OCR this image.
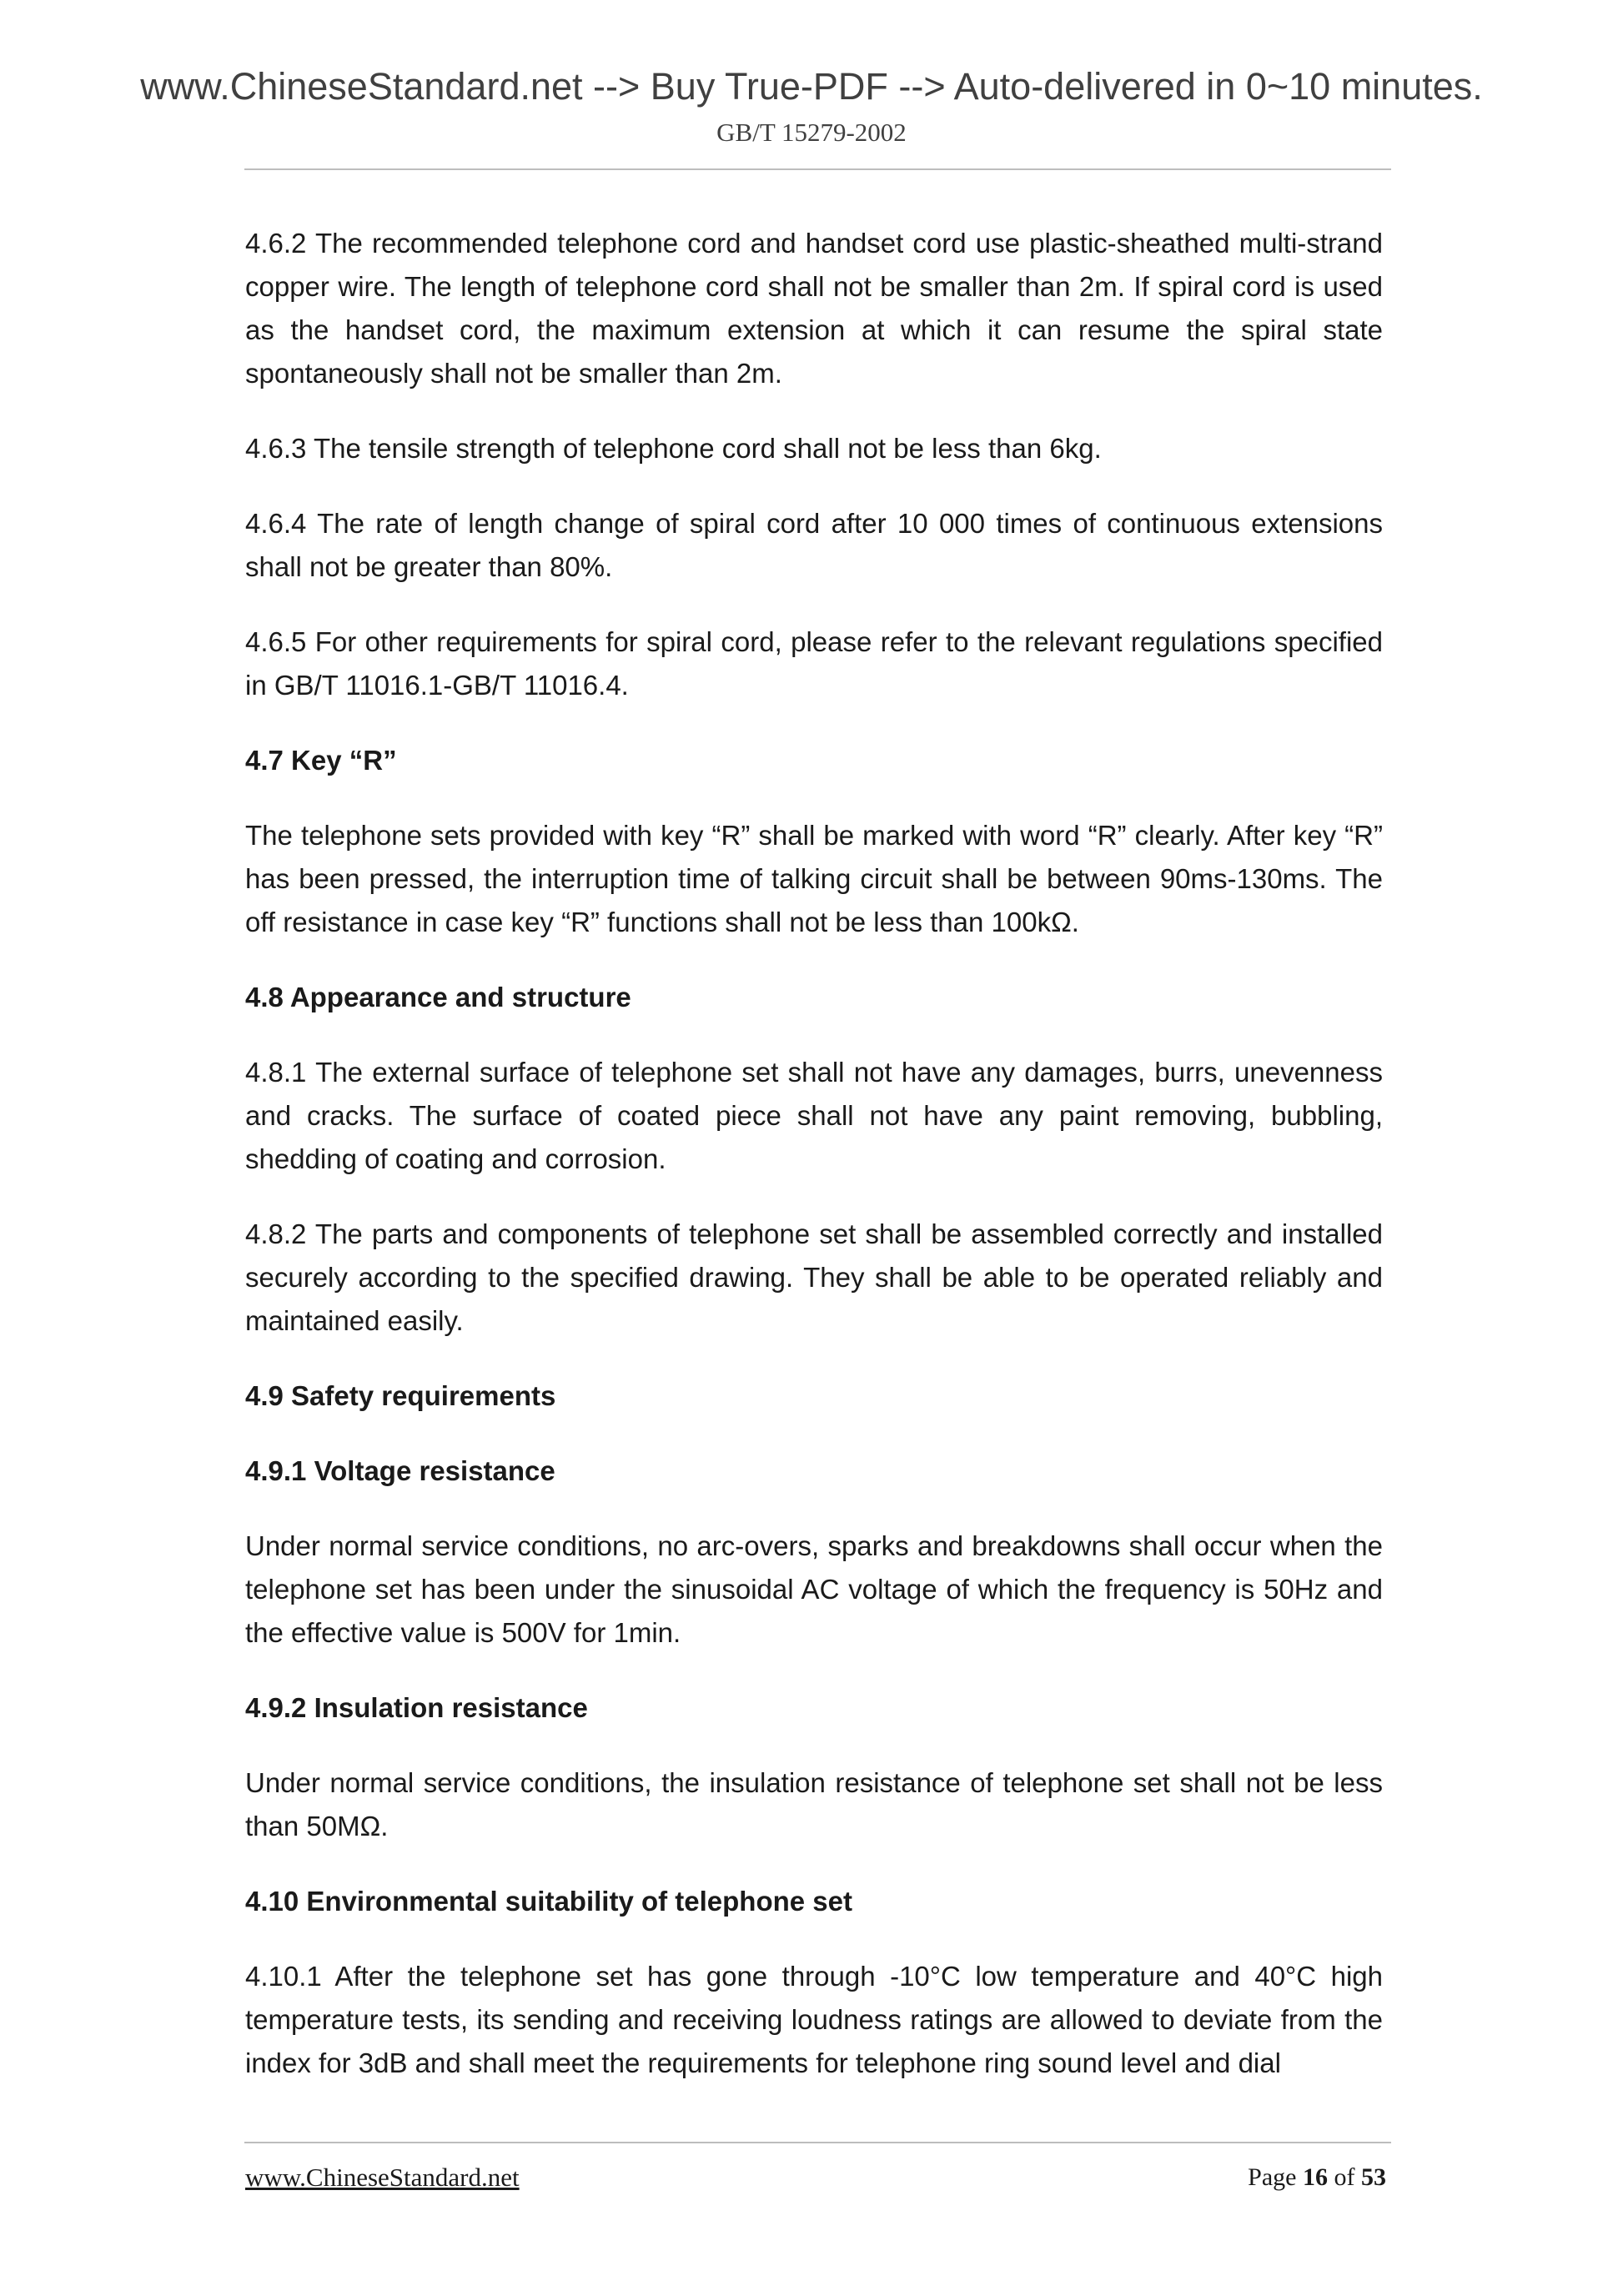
www.ChineseStandard.net --> Buy True-PDF --> Auto-delivered in 0~10 minutes.
GB/T 15279-2002

4.6.2 The recommended telephone cord and handset cord use plastic-sheathed multi-strand copper wire. The length of telephone cord shall not be smaller than 2m. If spiral cord is used as the handset cord, the maximum extension at which it can resume the spiral state spontaneously shall not be smaller than 2m.

4.6.3 The tensile strength of telephone cord shall not be less than 6kg.

4.6.4 The rate of length change of spiral cord after 10 000 times of continuous extensions shall not be greater than 80%.

4.6.5 For other requirements for spiral cord, please refer to the relevant regulations specified in GB/T 11016.1-GB/T 11016.4.

4.7 Key “R”

The telephone sets provided with key “R” shall be marked with word “R” clearly. After key “R” has been pressed, the interruption time of talking circuit shall be between 90ms-130ms. The off resistance in case key “R” functions shall not be less than 100kΩ.

4.8 Appearance and structure

4.8.1 The external surface of telephone set shall not have any damages, burrs, unevenness and cracks. The surface of coated piece shall not have any paint removing, bubbling, shedding of coating and corrosion.

4.8.2 The parts and components of telephone set shall be assembled correctly and installed securely according to the specified drawing. They shall be able to be operated reliably and maintained easily.

4.9 Safety requirements

4.9.1 Voltage resistance

Under normal service conditions, no arc-overs, sparks and breakdowns shall occur when the telephone set has been under the sinusoidal AC voltage of which the frequency is 50Hz and the effective value is 500V for 1min.

4.9.2 Insulation resistance

Under normal service conditions, the insulation resistance of telephone set shall not be less than 50MΩ.

4.10 Environmental suitability of telephone set

4.10.1 After the telephone set has gone through -10°C low temperature and 40°C high temperature tests, its sending and receiving loudness ratings are allowed to deviate from the index for 3dB and shall meet the requirements for telephone ring sound level and dial

www.ChineseStandard.net	Page 16 of 53
